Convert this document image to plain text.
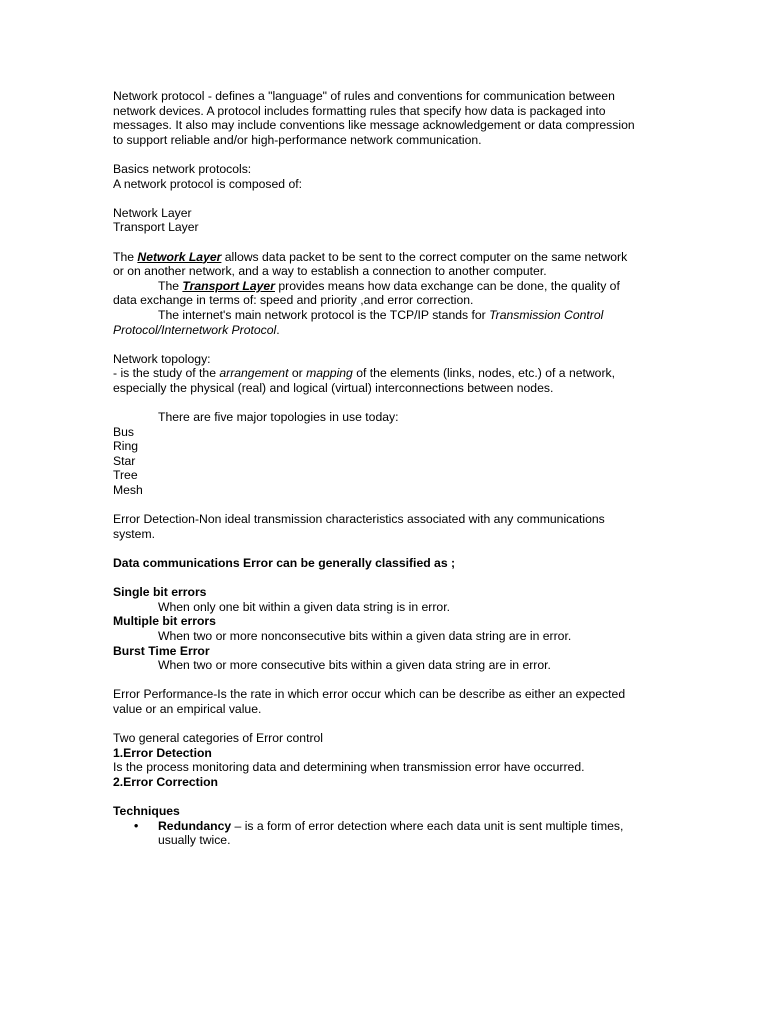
Network protocol - defines a "language" of rules and conventions for communication between

network devices. A protocol includes formatting rules that specify how data is packaged into

messages. It also may include conventions like message acknowledgement or data compression

to support reliable and/or high-performance network communication.

Basics network protocols:

A network protocol is composed of:

Network Layer

Transport Layer

The Network Layer allows data packet to be sent to the correct computer on the same network

or on another network, and a way to establish a connection to another computer.

The Transport Layer provides means how data exchange can be done, the quality of

data exchange in terms of: speed and priority ,and error correction.

The internet's main network protocol is the TCP/IP stands for Transmission Control

Protocol/Internetwork Protocol.

Network topology:

- is the study of the arrangement or mapping of the elements (links, nodes, etc.) of a network,

especially the physical (real) and logical (virtual) interconnections between nodes.

There are five major topologies in use today:

Bus

Ring

Star

Tree

Mesh

Error Detection-Non ideal transmission characteristics associated with any communications

system.

Data communications Error can be generally classified as ;

Single bit errors

When only one bit within a given data string is in error.

Multiple bit errors

When two or more nonconsecutive bits within a given data string are in error.

Burst Time Error

When two or more consecutive bits within a given data string are in error.

Error Performance-Is the rate in which error occur which can be describe as either an expected

value or an empirical value.

Two general categories of Error control

1.Error Detection

Is the process monitoring data and determining when transmission error have occurred.

2.Error Correction

Techniques

• Redundancy – is a form of error detection where each data unit is sent multiple times,

usually twice.
